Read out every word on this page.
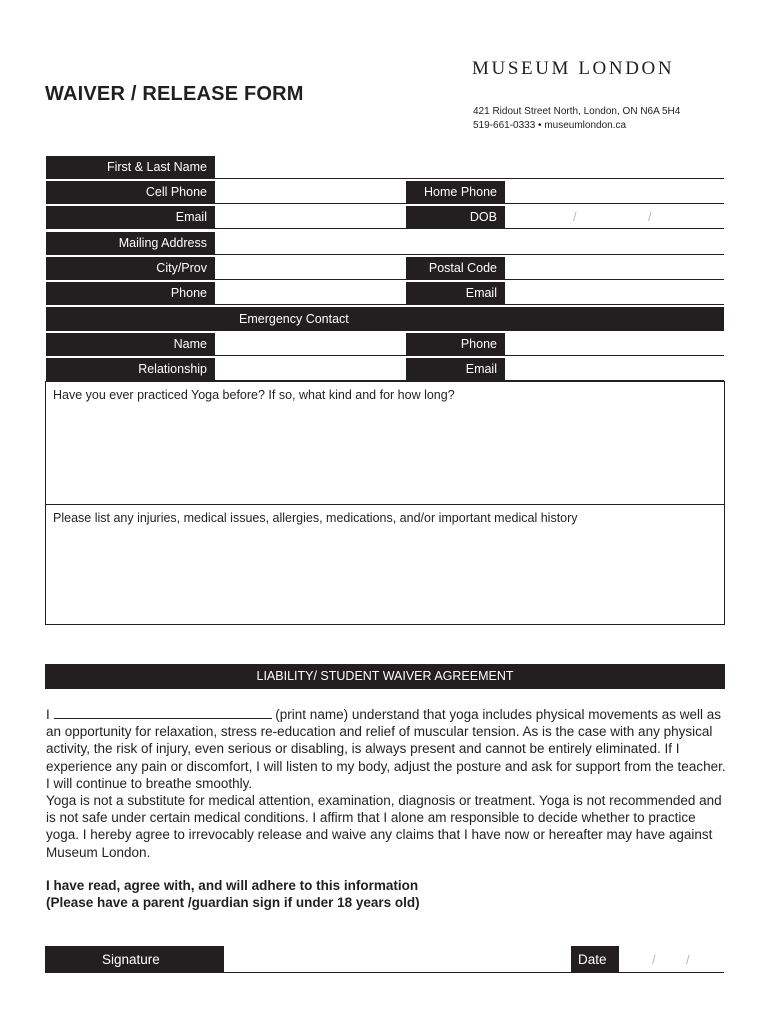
WAIVER / RELEASE FORM
MUSEUM LONDON
421 Ridout Street North, London, ON N6A 5H4
519-661-0333 • museumlondon.ca
First & Last Name
Cell Phone	Home Phone
Email	DOB	/	/
Mailing Address
City/Prov	Postal Code
Phone	Email
Emergency Contact
Name	Phone
Relationship	Email
Have you ever practiced Yoga before? If so, what kind and for how long?
Please list any injuries, medical issues, allergies, medications, and/or important medical history
LIABILITY/ STUDENT WAIVER AGREEMENT

I	(print name) understand that yoga includes physical movements as well as an opportunity for relaxation, stress re-education and relief of muscular tension. As is the case with any physical activity, the risk of injury, even serious or disabling, is always present and cannot be entirely eliminated. If I experience any pain or discomfort, I will listen to my body, adjust the posture and ask for support from the teacher. I will continue to breathe smoothly.

Yoga is not a substitute for medical attention, examination, diagnosis or treatment. Yoga is not recommended and is not safe under certain medical conditions. I affirm that I alone am responsible to decide whether to practice yoga. I hereby agree to irrevocably release and waive any claims that I have now or hereafter may have against Museum London.

I have read, agree with, and will adhere to this information
(Please have a parent /guardian sign if under 18 years old)
Signature	Date	/ /
